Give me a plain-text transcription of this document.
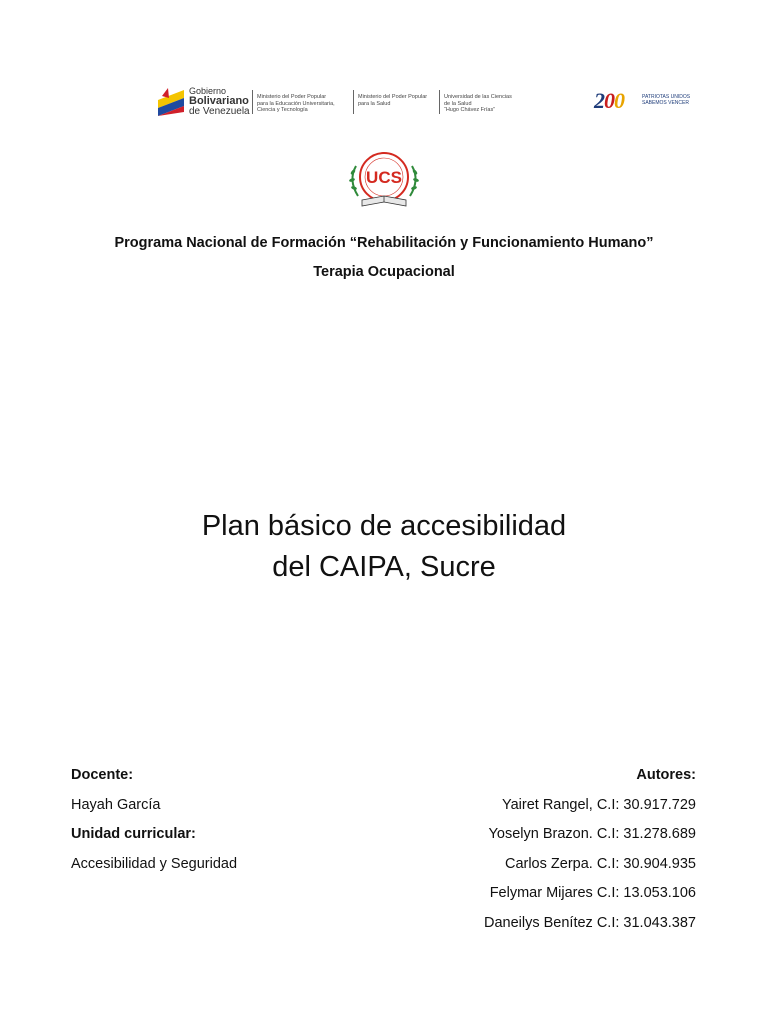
Gobierno
Bolivariano
de Venezuela
Ministerio del Poder Popular
para la Educación Universitaria,
Ciencia y Tecnología
Ministerio del Poder Popular
para la Salud
Universidad de las Ciencias
de la Salud
“Hugo Chávez Frías”	200	PATRIOTAS UNIDOS SABEMOS VENCER
UCS
Programa Nacional de Formación “Rehabilitación y Funcionamiento Humano”
Terapia Ocupacional
Plan básico de accesibilidad
del CAIPA, Sucre
Docente:
Hayah García
Unidad curricular:
Accesibilidad y Seguridad
Autores:
Yairet Rangel, C.I: 30.917.729
Yoselyn Brazon. C.I: 31.278.689
Carlos Zerpa. C.I: 30.904.935
Felymar Mijares C.I: 13.053.106
Daneilys Benítez C.I: 31.043.387
